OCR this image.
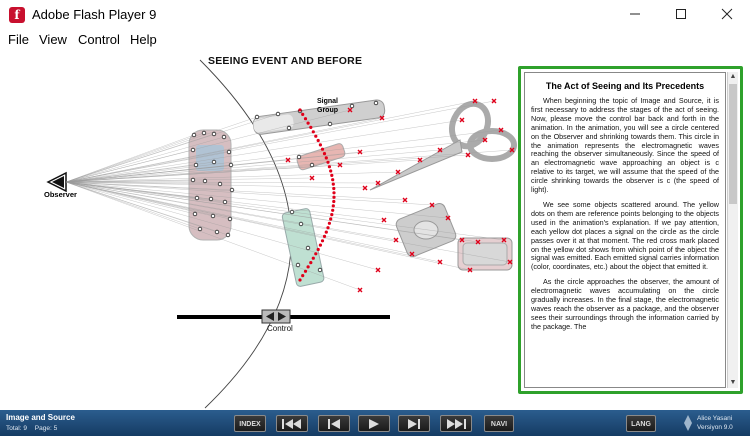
f Adobe Flash Player 9
File View Control Help
Observer
Signal
Group
SEEING EVENT AND BEFORE
Control
The Act of Seeing and Its Precedents

When beginning the topic of Image and Source, it is first necessary to address the stages of the act of seeing. Now, please move the control bar back and forth in the animation. In the animation, you will see a circle centered on the Observer and shrinking towards them. This circle in the animation represents the electromagnetic waves reaching the observer simultaneously. Since the speed of an electromagnetic wave approaching an object is c relative to its target, we will assume that the speed of the circle shrinking towards the observer is c (the speed of light).

We see some objects scattered around. The yellow dots on them are reference points belonging to the objects used in the animation's explanation. If we pay attention, each yellow dot places a signal on the circle as the circle passes over it at that moment. The red cross mark placed on the yellow dot shows from which point of the object the signal was emitted. Each emitted signal carries information (color, coordinates, etc.) about the object that emitted it.

As the circle approaches the observer, the amount of electromagnetic waves accumulating on the circle gradually increases. In the final stage, the electromagnetic waves reach the observer as a package, and the observer sees their surroundings through the information carried by the package. The

▲
▼
Image and Source
Total: 9 Page: 5
INDEX	NAVI	LANG
Alice Yasani
Versiyon 9.0
